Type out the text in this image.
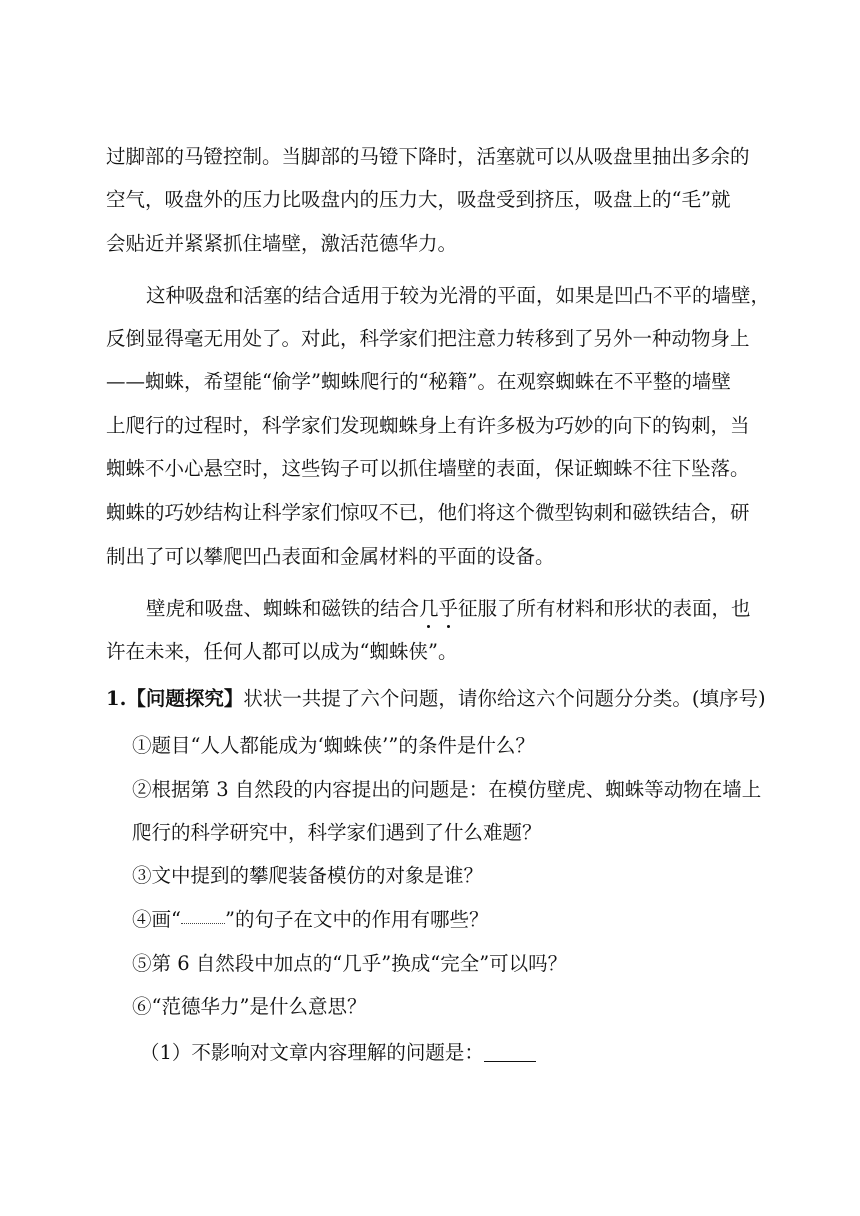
过脚部的马镫控制。当脚部的马镫下降时，活塞就可以从吸盘里抽出多余的
空气，吸盘外的压力比吸盘内的压力大，吸盘受到挤压，吸盘上的“毛”就
会贴近并紧紧抓住墙壁，激活范德华力。
这种吸盘和活塞的结合适用于较为光滑的平面，如果是凹凸不平的墙壁，
反倒显得毫无用处了。对此，科学家们把注意力转移到了另外一种动物身上
——蜘蛛，希望能“偷学”蜘蛛爬行的“秘籍”。在观察蜘蛛在不平整的墙壁
上爬行的过程时，科学家们发现蜘蛛身上有许多极为巧妙的向下的钩刺，当
蜘蛛不小心悬空时，这些钩子可以抓住墙壁的表面，保证蜘蛛不往下坠落。
蜘蛛的巧妙结构让科学家们惊叹不已，他们将这个微型钩刺和磁铁结合，研
制出了可以攀爬凹凸表面和金属材料的平面的设备。
壁虎和吸盘、蜘蛛和磁铁的结合几乎征服了所有材料和形状的表面，也
许在未来，任何人都可以成为“蜘蛛侠”。
1.【问题探究】状状一共提了六个问题，请你给这六个问题分分类。(填序号)
①题目“人人都能成为‘蜘蛛侠’”的条件是什么？
②根据第 3 自然段的内容提出的问题是：在模仿壁虎、蜘蛛等动物在墙上
爬行的科学研究中，科学家们遇到了什么难题？
③文中提到的攀爬装备模仿的对象是谁？
④画“ ”的句子在文中的作用有哪些？
⑤第 6 自然段中加点的“几乎”换成“完全”可以吗？
⑥“范德华力”是什么意思？
（1）不影响对文章内容理解的问题是：
